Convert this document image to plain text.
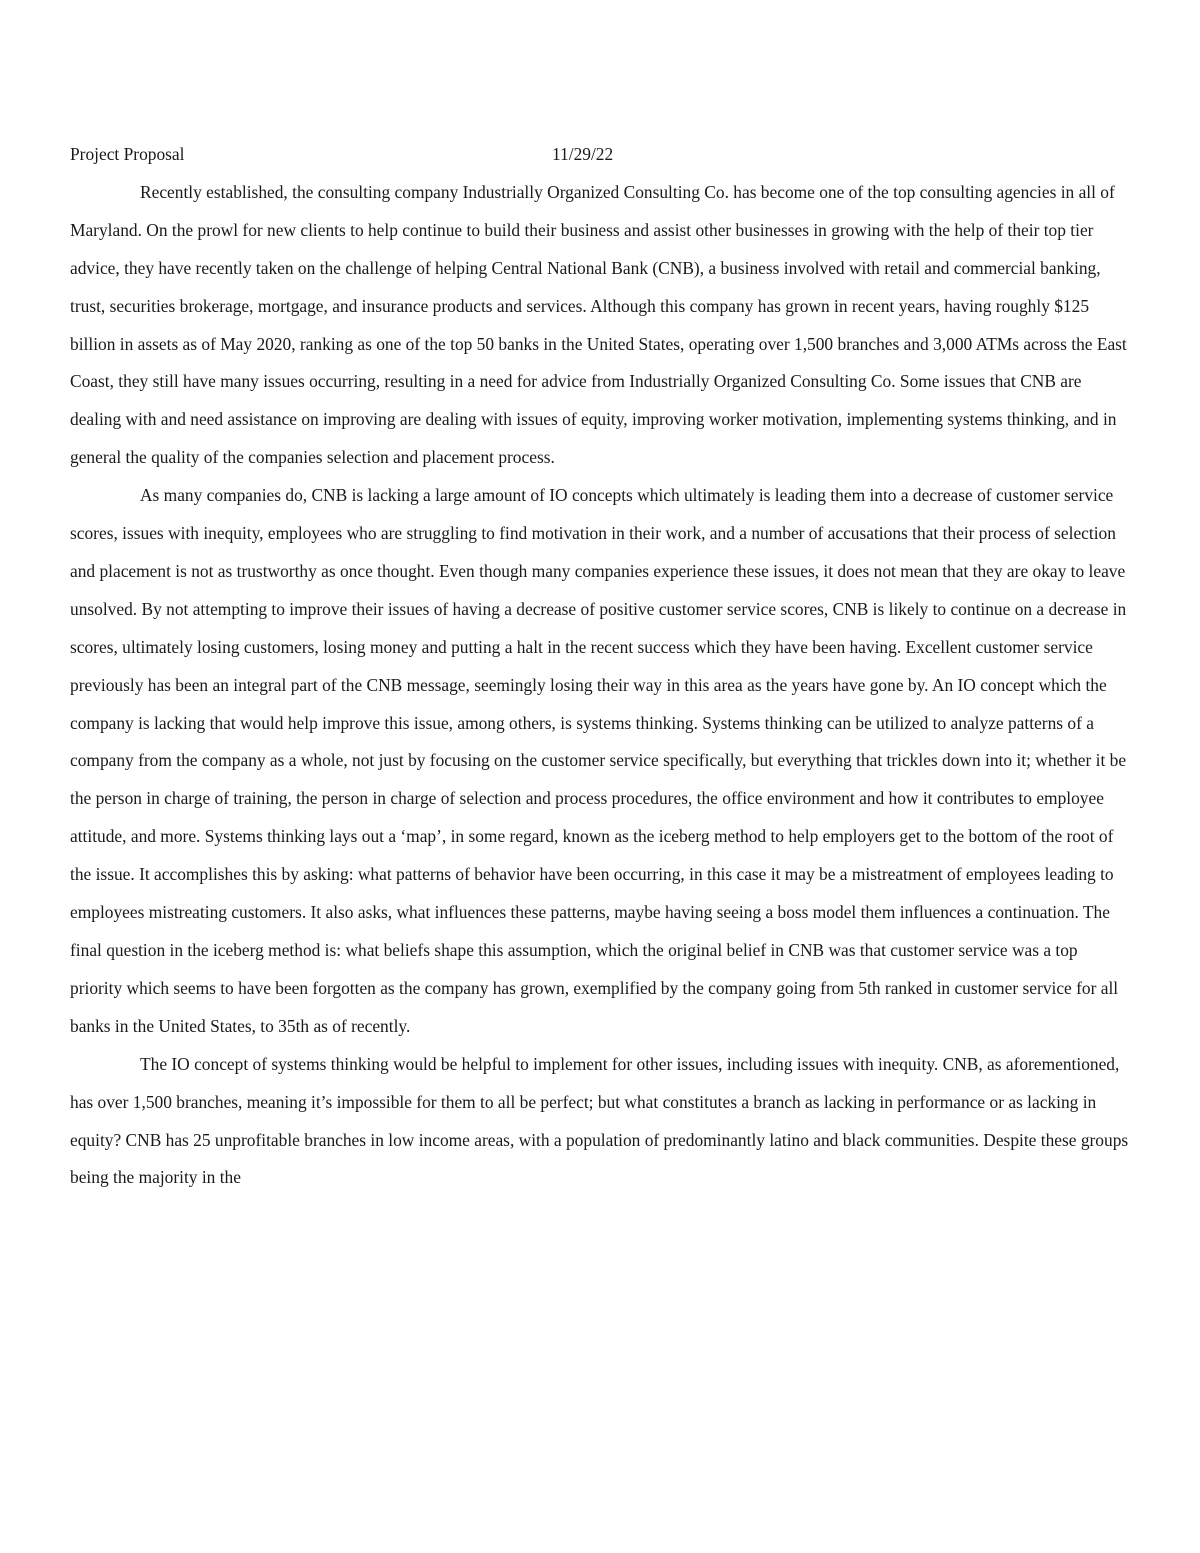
Project Proposal	11/29/22

Recently established, the consulting company Industrially Organized Consulting Co. has become one of the top consulting agencies in all of Maryland. On the prowl for new clients to help continue to build their business and assist other businesses in growing with the help of their top tier advice, they have recently taken on the challenge of helping Central National Bank (CNB), a business involved with retail and commercial banking, trust, securities brokerage, mortgage, and insurance products and services. Although this company has grown in recent years, having roughly $125 billion in assets as of May 2020, ranking as one of the top 50 banks in the United States, operating over 1,500 branches and 3,000 ATMs across the East Coast, they still have many issues occurring, resulting in a need for advice from Industrially Organized Consulting Co. Some issues that CNB are dealing with and need assistance on improving are dealing with issues of equity, improving worker motivation, implementing systems thinking, and in general the quality of the companies selection and placement process.

As many companies do, CNB is lacking a large amount of IO concepts which ultimately is leading them into a decrease of customer service scores, issues with inequity, employees who are struggling to find motivation in their work, and a number of accusations that their process of selection and placement is not as trustworthy as once thought. Even though many companies experience these issues, it does not mean that they are okay to leave unsolved. By not attempting to improve their issues of having a decrease of positive customer service scores, CNB is likely to continue on a decrease in scores, ultimately losing customers, losing money and putting a halt in the recent success which they have been having. Excellent customer service previously has been an integral part of the CNB message, seemingly losing their way in this area as the years have gone by. An IO concept which the company is lacking that would help improve this issue, among others, is systems thinking. Systems thinking can be utilized to analyze patterns of a company from the company as a whole, not just by focusing on the customer service specifically, but everything that trickles down into it; whether it be the person in charge of training, the person in charge of selection and process procedures, the office environment and how it contributes to employee attitude, and more. Systems thinking lays out a ‘map’, in some regard, known as the iceberg method to help employers get to the bottom of the root of the issue. It accomplishes this by asking: what patterns of behavior have been occurring, in this case it may be a mistreatment of employees leading to employees mistreating customers. It also asks, what influences these patterns, maybe having seeing a boss model them influences a continuation. The final question in the iceberg method is: what beliefs shape this assumption, which the original belief in CNB was that customer service was a top priority which seems to have been forgotten as the company has grown, exemplified by the company going from 5th ranked in customer service for all banks in the United States, to 35th as of recently.

The IO concept of systems thinking would be helpful to implement for other issues, including issues with inequity. CNB, as aforementioned, has over 1,500 branches, meaning it’s impossible for them to all be perfect; but what constitutes a branch as lacking in performance or as lacking in equity? CNB has 25 unprofitable branches in low income areas, with a population of predominantly latino and black communities. Despite these groups being the majority in the
